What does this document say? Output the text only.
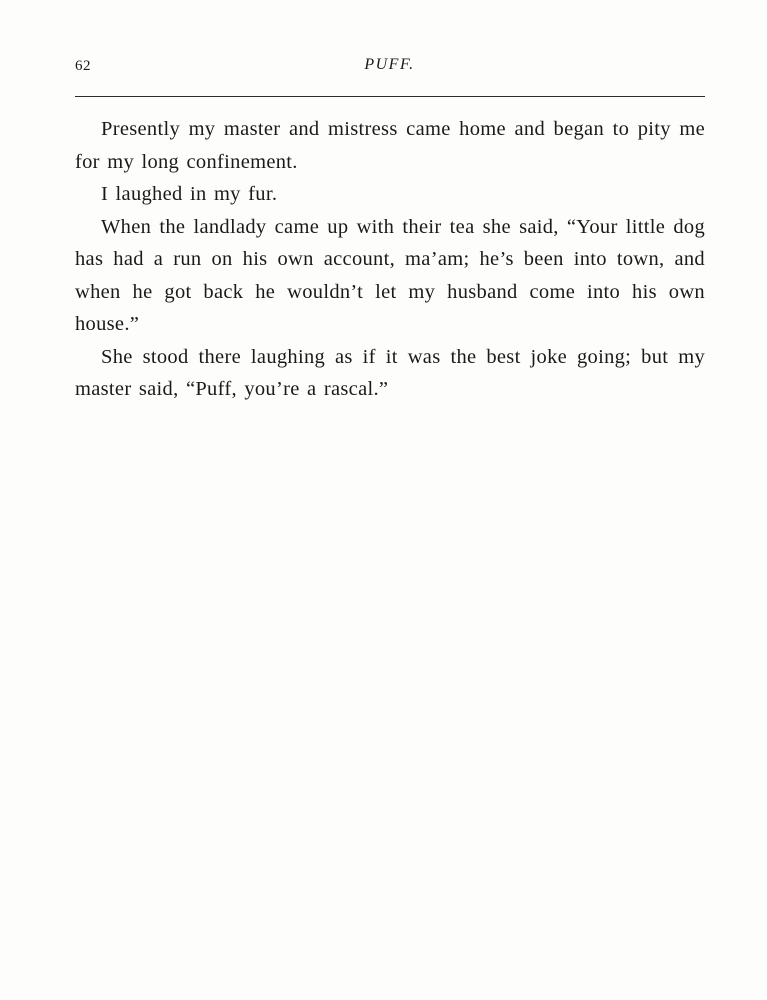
62	PUFF.

Presently my master and mistress came home and began to pity me for my long confinement.

I laughed in my fur.

When the landlady came up with their tea she said, “Your little dog has had a run on his own account, ma’am; he’s been into town, and when he got back he wouldn’t let my husband come into his own house.”

She stood there laughing as if it was the best joke going; but my master said, “Puff, you’re a rascal.”
